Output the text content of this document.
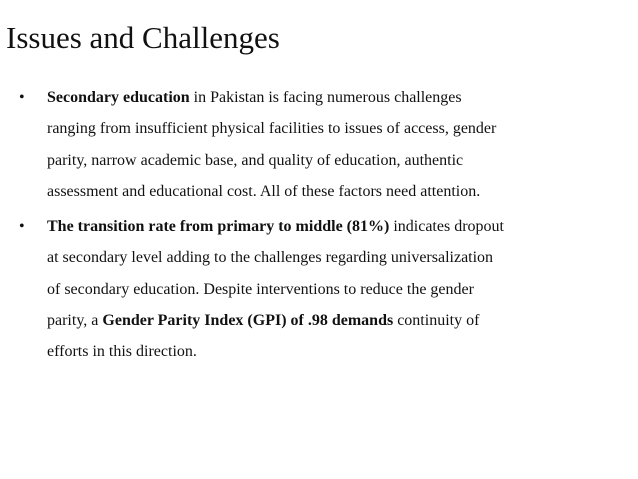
Issues and Challenges
• Secondary education in Pakistan is facing numerous challenges
ranging from insufficient physical facilities to issues of access, gender
parity, narrow academic base, and quality of education, authentic
assessment and educational cost. All of these factors need attention.
• The transition rate from primary to middle (81%) indicates dropout
at secondary level adding to the challenges regarding universalization
of secondary education. Despite interventions to reduce the gender
parity, a Gender Parity Index (GPI) of .98 demands continuity of
efforts in this direction.
